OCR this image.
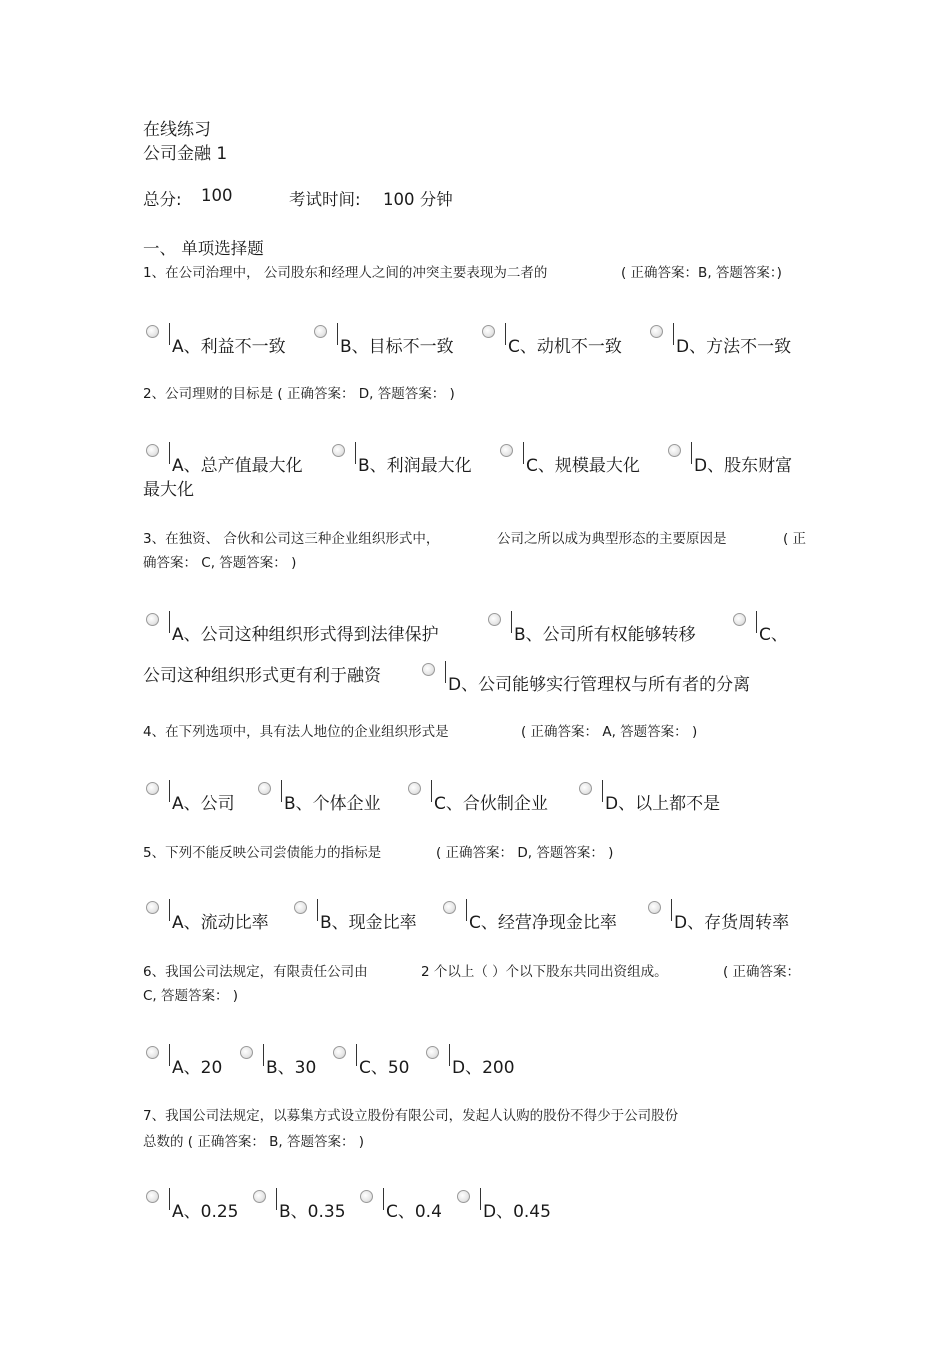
在线练习
公司金融 1
总分: 100	考试时间: 100 分钟
一、 单项选择题
1、在公司治理中， 公司股东和经理人之间的冲突主要表现为二者的	( 正确答案：B, 答题答案：)
A、利益不一致	B、目标不一致	C、动机不一致	D、方法不一致
2、公司理财的目标是 ( 正确答案： D, 答题答案： )
A、总产值最大化	B、利润最大化	C、规模最大化	D、股东财富
最大化
3、在独资、 合伙和公司这三种企业组织形式中，	公司之所以成为典型形态的主要原因是	( 正
确答案： C, 答题答案： )
A、公司这种组织形式得到法律保护	B、公司所有权能够转移	C、
公司这种组织形式更有利于融资	D、公司能够实行管理权与所有者的分离
4、在下列选项中，具有法人地位的企业组织形式是	( 正确答案： A, 答题答案： )
A、公司	B、个体企业	C、合伙制企业	D、以上都不是
5、下列不能反映公司尝债能力的指标是	( 正确答案： D, 答题答案： )
A、流动比率	B、现金比率	C、经营净现金比率	D、存货周转率
6、我国公司法规定，有限责任公司由	2 个以上（ ）个以下股东共同出资组成。	( 正确答案：
C, 答题答案： )
A、20	B、30	C、50	D、200
7、我国公司法规定，以募集方式设立股份有限公司，发起人认购的股份不得少于公司股份
总数的 ( 正确答案： B, 答题答案： )
A、0.25	B、0.35	C、0.4	D、0.45
